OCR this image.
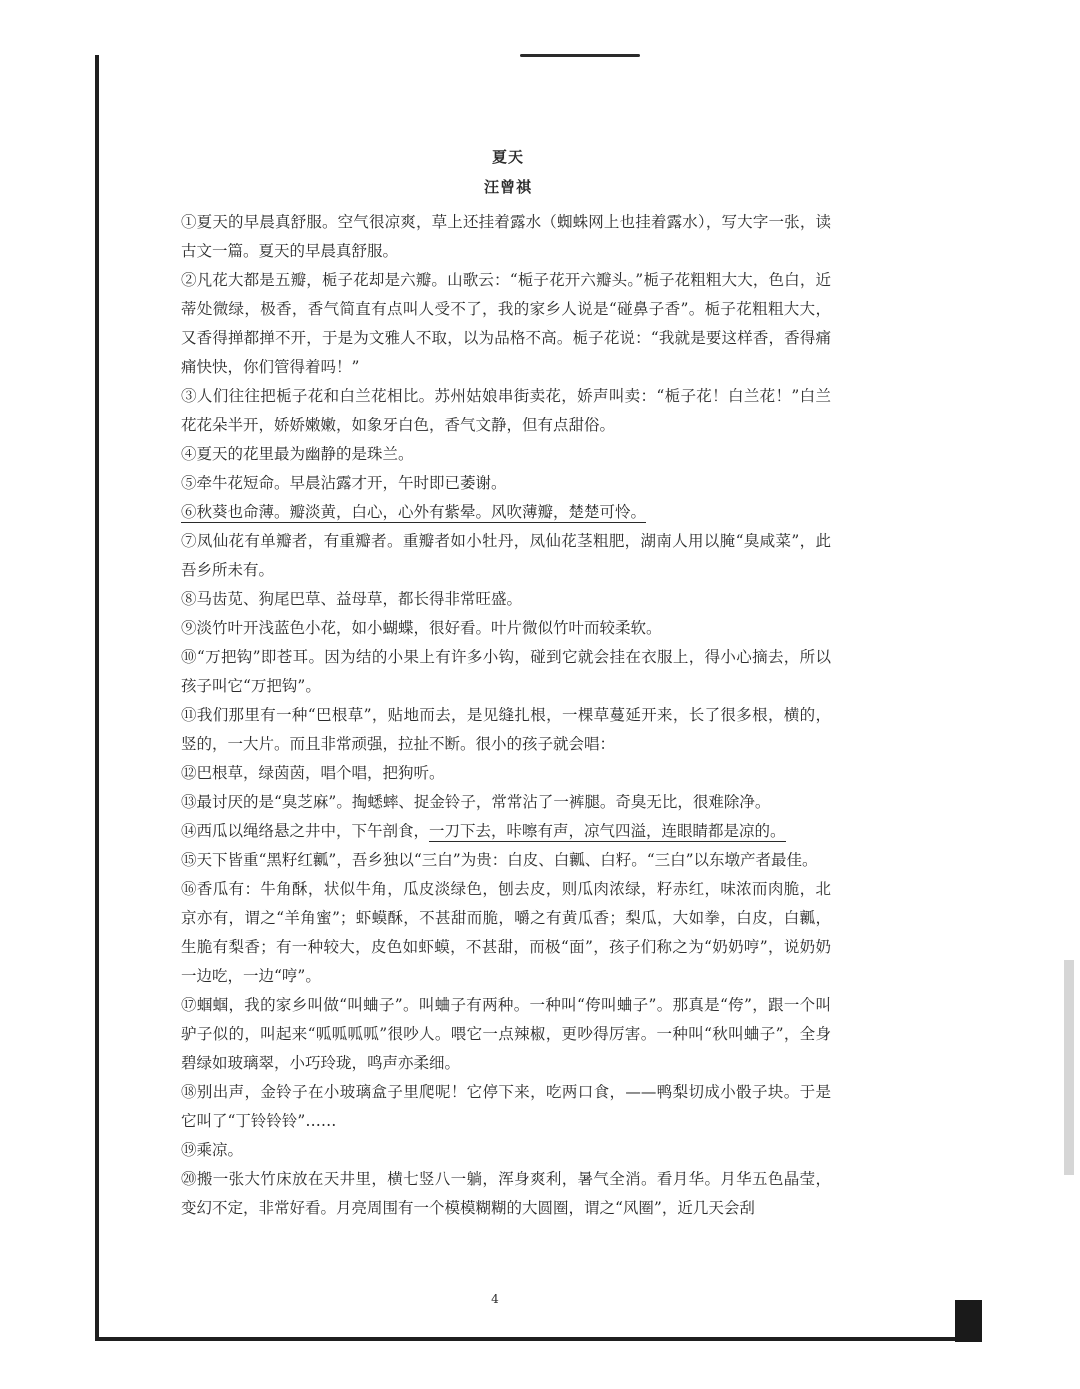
夏天
汪曾祺

①夏天的早晨真舒服。空气很凉爽，草上还挂着露水（蜘蛛网上也挂着露水），写大字一张，读古文一篇。夏天的早晨真舒服。

②凡花大都是五瓣，栀子花却是六瓣。山歌云：“栀子花开六瓣头。”栀子花粗粗大大，色白，近蒂处微绿，极香，香气简直有点叫人受不了，我的家乡人说是“碰鼻子香”。栀子花粗粗大大，又香得掸都掸不开，于是为文雅人不取，以为品格不高。栀子花说：“我就是要这样香，香得痛痛快快，你们管得着吗！”

③人们往往把栀子花和白兰花相比。苏州姑娘串街卖花，娇声叫卖：“栀子花！白兰花！”白兰花花朵半开，娇娇嫩嫩，如象牙白色，香气文静，但有点甜俗。

④夏天的花里最为幽静的是珠兰。

⑤牵牛花短命。早晨沾露才开，午时即已萎谢。

⑥秋葵也命薄。瓣淡黄，白心，心外有紫晕。风吹薄瓣，楚楚可怜。

⑦凤仙花有单瓣者，有重瓣者。重瓣者如小牡丹，凤仙花茎粗肥，湖南人用以腌“臭咸菜”，此吾乡所未有。

⑧马齿苋、狗尾巴草、益母草，都长得非常旺盛。

⑨淡竹叶开浅蓝色小花，如小蝴蝶，很好看。叶片微似竹叶而较柔软。

⑩“万把钩”即苍耳。因为结的小果上有许多小钩，碰到它就会挂在衣服上，得小心摘去，所以孩子叫它“万把钩”。

⑪我们那里有一种“巴根草”，贴地而去，是见缝扎根，一棵草蔓延开来，长了很多根，横的，竖的，一大片。而且非常顽强，拉扯不断。很小的孩子就会唱：

⑫巴根草，绿茵茵，唱个唱，把狗听。

⑬最讨厌的是“臭芝麻”。掏蟋蟀、捉金铃子，常常沾了一裤腿。奇臭无比，很难除净。

⑭西瓜以绳络悬之井中，下午剖食，一刀下去，咔嚓有声，凉气四溢，连眼睛都是凉的。

⑮天下皆重“黑籽红瓤”，吾乡独以“三白”为贵：白皮、白瓤、白籽。“三白”以东墩产者最佳。

⑯香瓜有：牛角酥，状似牛角，瓜皮淡绿色，刨去皮，则瓜肉浓绿，籽赤红，味浓而肉脆，北京亦有，谓之“羊角蜜”；虾蟆酥，不甚甜而脆，嚼之有黄瓜香；梨瓜，大如拳，白皮，白瓤，生脆有梨香；有一种较大，皮色如虾蟆，不甚甜，而极“面”，孩子们称之为“奶奶哼”，说奶奶一边吃，一边“哼”。

⑰蝈蝈，我的家乡叫做“叫蛐子”。叫蛐子有两种。一种叫“侉叫蛐子”。那真是“侉”，跟一个叫驴子似的，叫起来“呱呱呱呱”很吵人。喂它一点辣椒，更吵得厉害。一种叫“秋叫蛐子”，全身碧绿如玻璃翠，小巧玲珑，鸣声亦柔细。

⑱别出声，金铃子在小玻璃盒子里爬呢！它停下来，吃两口食，——鸭梨切成小骰子块。于是它叫了“丁铃铃铃”……

⑲乘凉。

⑳搬一张大竹床放在天井里，横七竖八一躺，浑身爽利，暑气全消。看月华。月华五色晶莹，变幻不定，非常好看。月亮周围有一个模模糊糊的大圆圈，谓之“风圈”，近几天会刮

4
